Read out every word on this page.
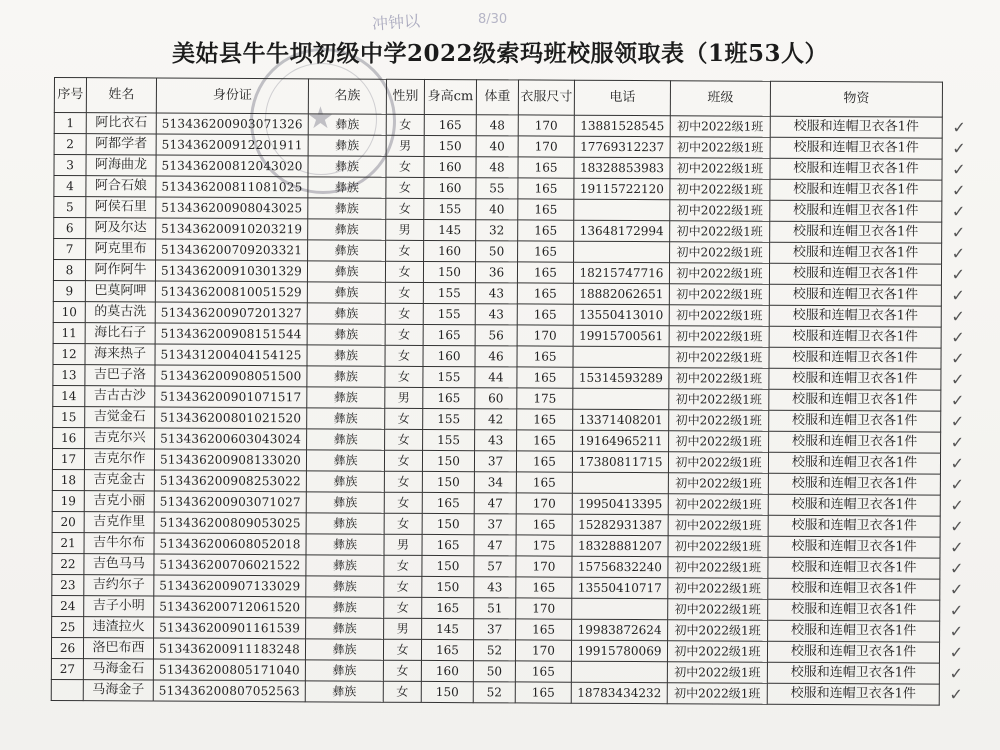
冲钟以	8/30
★
美姑县牛牛坝初级中学2022级索玛班校服领取表（1班53人）
序号	姓名	身份证	名族	性别	身高cm	体重	衣服尺寸	电话	班级	物资
1	阿比衣石	513436200903071326	彝族	女	165	48	170	13881528545	初中2022级1班	校服和连帽卫衣各1件 ✓

2	阿都学者	513436200912201911	彝族	男	150	40	170	17769312237	初中2022级1班	校服和连帽卫衣各1件 ✓

3	阿海曲龙	513436200812043020	彝族	女	160	48	165	18328853983	初中2022级1班	校服和连帽卫衣各1件 ✓

4	阿合石娘	513436200811081025	彝族	女	160	55	165	19115722120	初中2022级1班	校服和连帽卫衣各1件 ✓

5	阿侯石里	513436200908043025	彝族	女	155	40	165		初中2022级1班	校服和连帽卫衣各1件 ✓

6	阿及尔达	513436200910203219	彝族	男	145	32	165	13648172994	初中2022级1班	校服和连帽卫衣各1件 ✓

7	阿克里布	513436200709203321	彝族	女	160	50	165		初中2022级1班	校服和连帽卫衣各1件 ✓

8	阿作阿牛	513436200910301329	彝族	女	150	36	165	18215747716	初中2022级1班	校服和连帽卫衣各1件 ✓

9	巴莫阿呷	513436200810051529	彝族	女	155	43	165	18882062651	初中2022级1班	校服和连帽卫衣各1件 ✓

10	的莫古洗	513436200907201327	彝族	女	155	43	165	13550413010	初中2022级1班	校服和连帽卫衣各1件 ✓

11	海比石子	513436200908151544	彝族	女	165	56	170	19915700561	初中2022级1班	校服和连帽卫衣各1件 ✓

12	海来热子	513431200404154125	彝族	女	160	46	165		初中2022级1班	校服和连帽卫衣各1件 ✓

13	吉巴子洛	513436200908051500	彝族	女	155	44	165	15314593289	初中2022级1班	校服和连帽卫衣各1件 ✓

14	吉古古沙	513436200901071517	彝族	男	165	60	175		初中2022级1班	校服和连帽卫衣各1件 ✓

15	吉觉金石	513436200801021520	彝族	女	155	42	165	13371408201	初中2022级1班	校服和连帽卫衣各1件 ✓

16	吉克尔兴	513436200603043024	彝族	女	155	43	165	19164965211	初中2022级1班	校服和连帽卫衣各1件 ✓

17	吉克尔作	513436200908133020	彝族	女	150	37	165	17380811715	初中2022级1班	校服和连帽卫衣各1件 ✓

18	吉克金古	513436200908253022	彝族	女	150	34	165		初中2022级1班	校服和连帽卫衣各1件 ✓

19	吉克小丽	513436200903071027	彝族	女	165	47	170	19950413395	初中2022级1班	校服和连帽卫衣各1件 ✓

20	吉克作里	513436200809053025	彝族	女	150	37	165	15282931387	初中2022级1班	校服和连帽卫衣各1件 ✓

21	吉牛尔布	513436200608052018	彝族	男	165	47	175	18328881207	初中2022级1班	校服和连帽卫衣各1件 ✓

22	吉色马马	513436200706021522	彝族	女	150	57	170	15756832240	初中2022级1班	校服和连帽卫衣各1件 ✓

23	吉约尔子	513436200907133029	彝族	女	150	43	165	13550410717	初中2022级1班	校服和连帽卫衣各1件 ✓

24	吉子小明	513436200712061520	彝族	女	165	51	170		初中2022级1班	校服和连帽卫衣各1件 ✓

25	违渣拉火	513436200901161539	彝族	男	145	37	165	19983872624	初中2022级1班	校服和连帽卫衣各1件 ✓

26	洛巴布西	513436200911183248	彝族	女	165	52	170	19915780069	初中2022级1班	校服和连帽卫衣各1件 ✓

27	马海金石	513436200805171040	彝族	女	160	50	165		初中2022级1班	校服和连帽卫衣各1件 ✓

	马海金子	513436200807052563	彝族	女	150	52	165	18783434232	初中2022级1班	校服和连帽卫衣各1件 ✓
